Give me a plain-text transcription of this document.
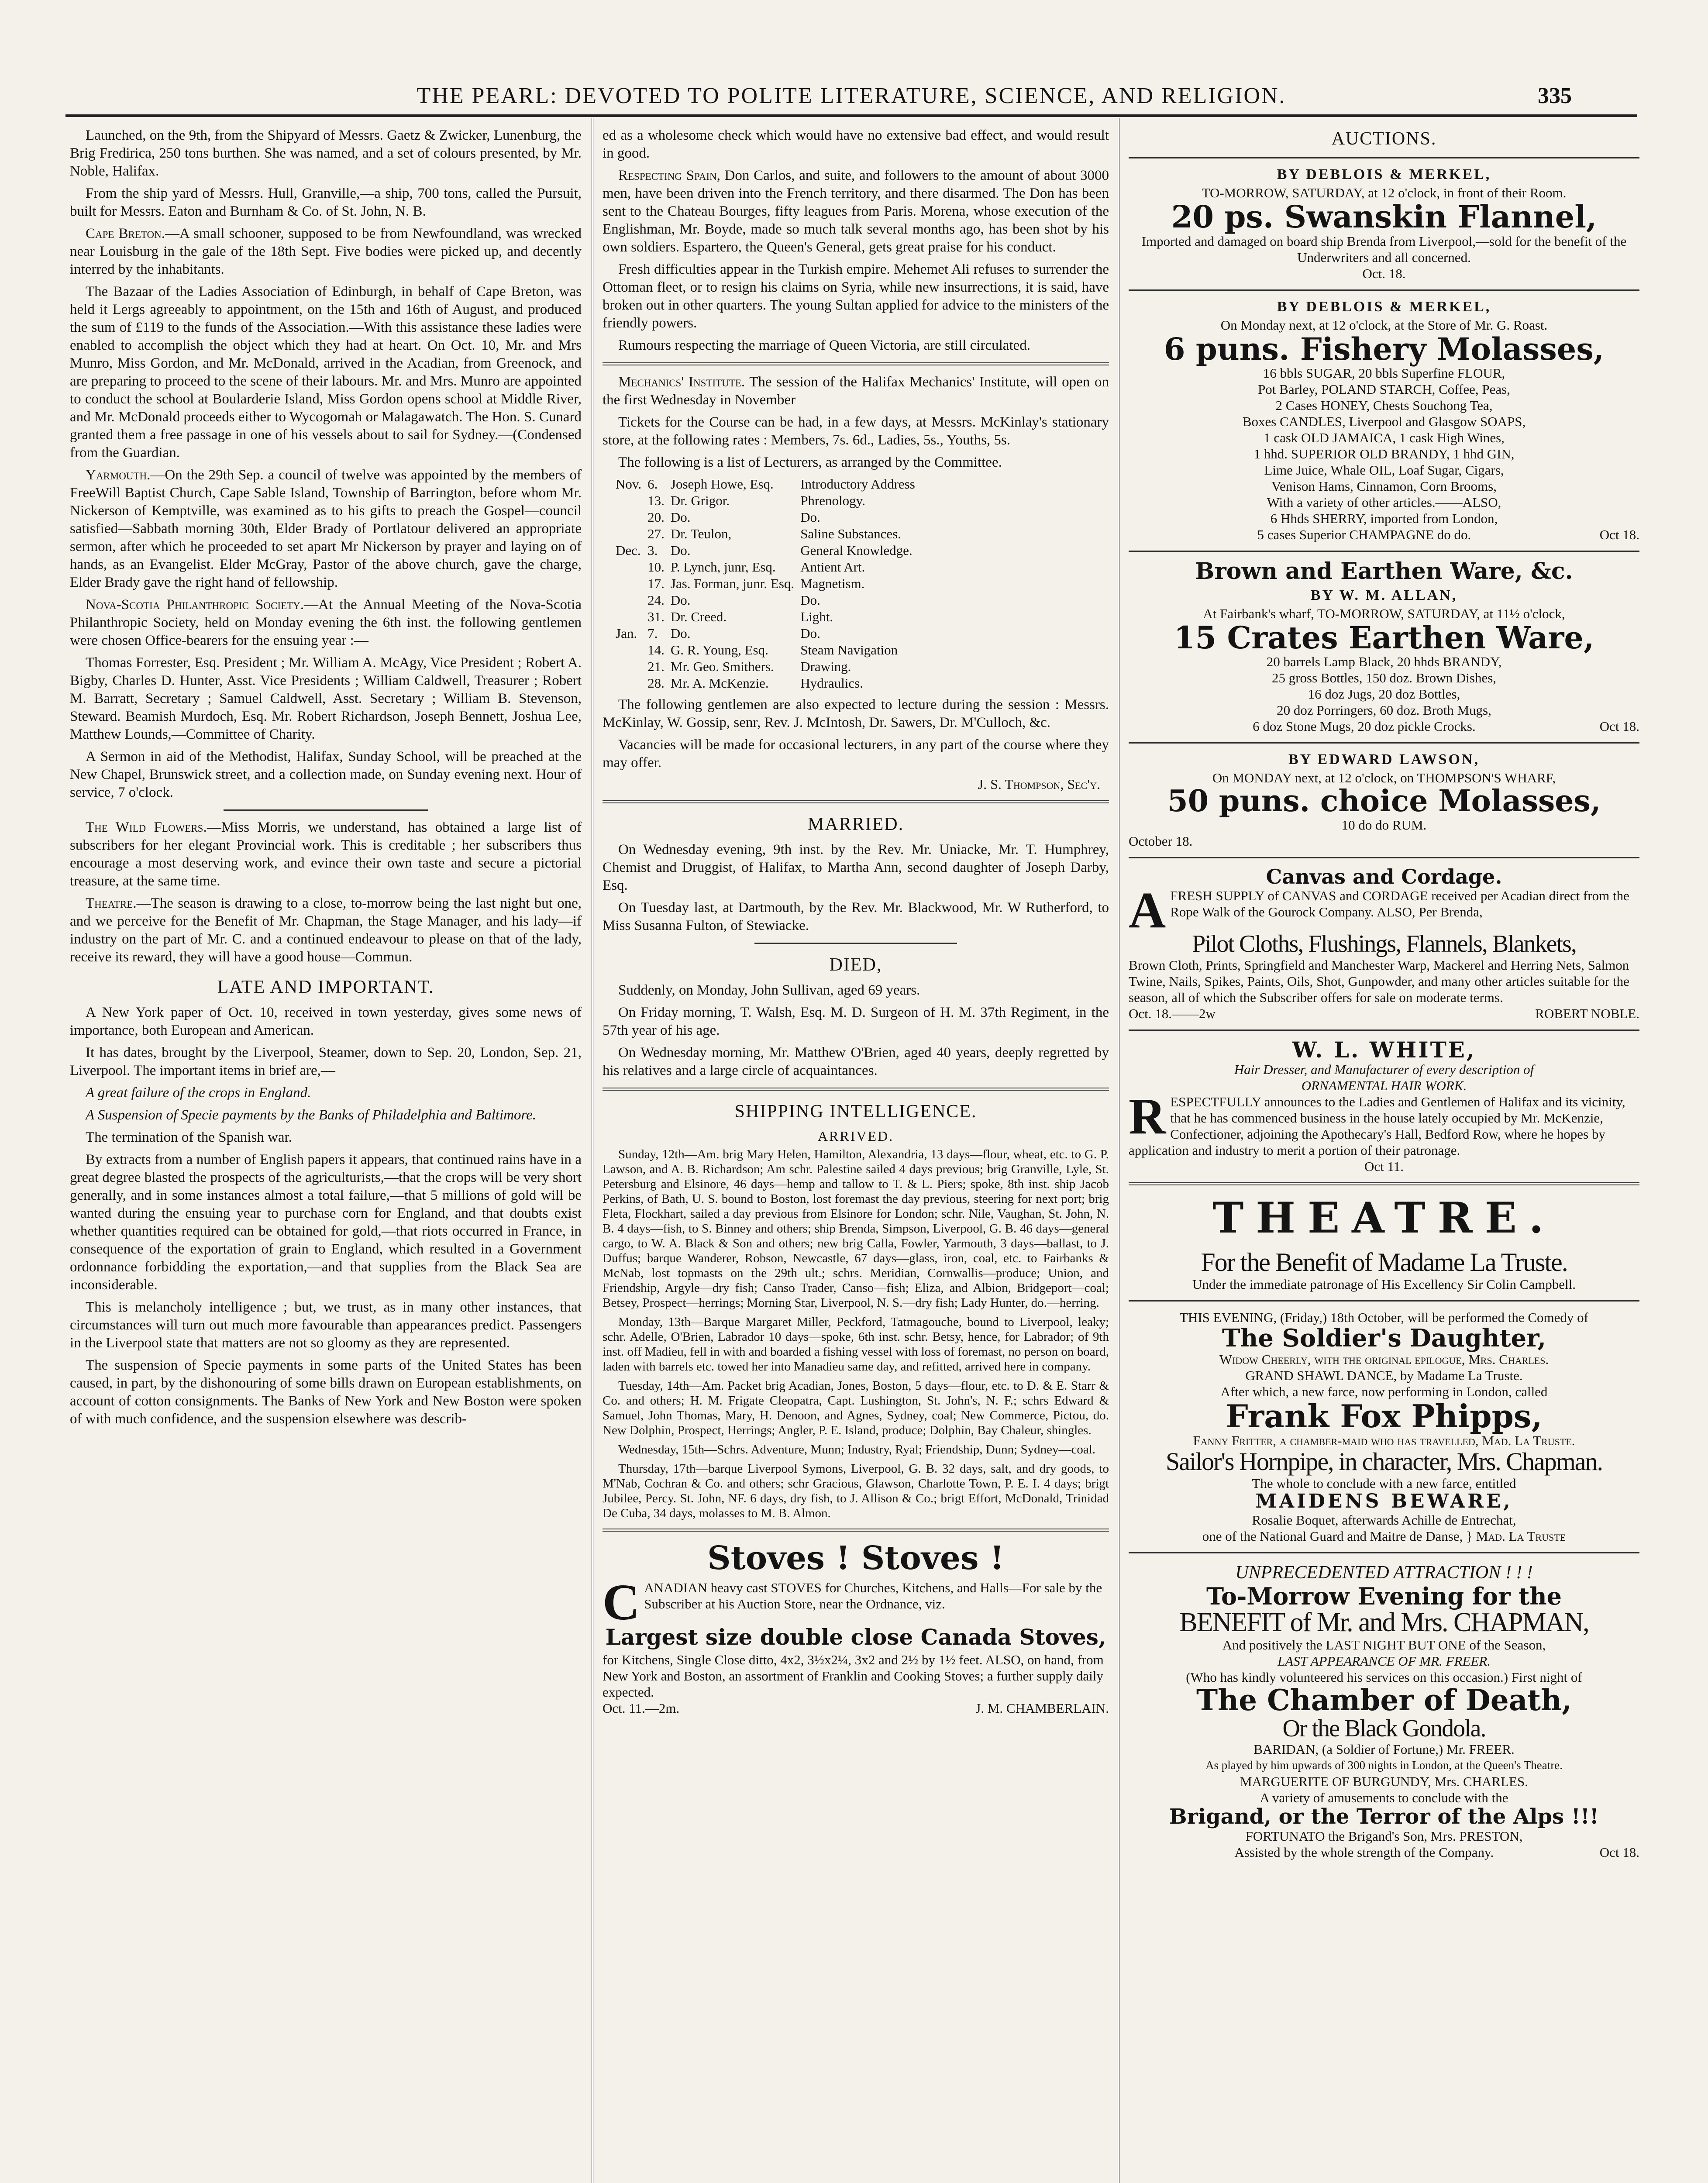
THE PEARL: DEVOTED TO POLITE LITERATURE, SCIENCE, AND RELIGION.	335

Launched, on the 9th, from the Shipyard of Messrs. Gaetz & Zwicker, Lunenburg, the Brig Fredirica, 250 tons burthen. She was named, and a set of colours presented, by Mr. Noble, Halifax.

From the ship yard of Messrs. Hull, Granville,—a ship, 700 tons, called the Pursuit, built for Messrs. Eaton and Burnham & Co. of St. John, N. B.

Cape Breton.—A small schooner, supposed to be from Newfoundland, was wrecked near Louisburg in the gale of the 18th Sept. Five bodies were picked up, and decently interred by the inhabitants.

The Bazaar of the Ladies Association of Edinburgh, in behalf of Cape Breton, was held it Lergs agreeably to appointment, on the 15th and 16th of August, and produced the sum of £119 to the funds of the Association.—With this assistance these ladies were enabled to accomplish the object which they had at heart. On Oct. 10, Mr. and Mrs Munro, Miss Gordon, and Mr. McDonald, arrived in the Acadian, from Greenock, and are preparing to proceed to the scene of their labours. Mr. and Mrs. Munro are appointed to conduct the school at Boularderie Island, Miss Gordon opens school at Middle River, and Mr. McDonald proceeds either to Wycogomah or Malagawatch. The Hon. S. Cunard granted them a free passage in one of his vessels about to sail for Sydney.—(Condensed from the Guardian.

Yarmouth.—On the 29th Sep. a council of twelve was appointed by the members of FreeWill Baptist Church, Cape Sable Island, Township of Barrington, before whom Mr. Nickerson of Kemptville, was examined as to his gifts to preach the Gospel—council satisfied—Sabbath morning 30th, Elder Brady of Portlatour delivered an appropriate sermon, after which he proceeded to set apart Mr Nickerson by prayer and laying on of hands, as an Evangelist. Elder McGray, Pastor of the above church, gave the charge, Elder Brady gave the right hand of fellowship.

Nova-Scotia Philanthropic Society.—At the Annual Meeting of the Nova-Scotia Philanthropic Society, held on Monday evening the 6th inst. the following gentlemen were chosen Office-bearers for the ensuing year :—

Thomas Forrester, Esq. President ; Mr. William A. McAgy, Vice President ; Robert A. Bigby, Charles D. Hunter, Asst. Vice Presidents ; William Caldwell, Treasurer ; Robert M. Barratt, Secretary ; Samuel Caldwell, Asst. Secretary ; William B. Stevenson, Steward. Beamish Murdoch, Esq. Mr. Robert Richardson, Joseph Bennett, Joshua Lee, Matthew Lounds,—Committee of Charity.

A Sermon in aid of the Methodist, Halifax, Sunday School, will be preached at the New Chapel, Brunswick street, and a collection made, on Sunday evening next. Hour of service, 7 o'clock.

The Wild Flowers.—Miss Morris, we understand, has obtained a large list of subscribers for her elegant Provincial work. This is creditable ; her subscribers thus encourage a most deserving work, and evince their own taste and secure a pictorial treasure, at the same time.

Theatre.—The season is drawing to a close, to-morrow being the last night but one, and we perceive for the Benefit of Mr. Chapman, the Stage Manager, and his lady—if industry on the part of Mr. C. and a continued endeavour to please on that of the lady, receive its reward, they will have a good house—Commun.

LATE AND IMPORTANT.

A New York paper of Oct. 10, received in town yesterday, gives some news of importance, both European and American.

It has dates, brought by the Liverpool, Steamer, down to Sep. 20, London, Sep. 21, Liverpool. The important items in brief are,—

A great failure of the crops in England.

A Suspension of Specie payments by the Banks of Philadelphia and Baltimore.

The termination of the Spanish war.

By extracts from a number of English papers it appears, that continued rains have in a great degree blasted the prospects of the agriculturists,—that the crops will be very short generally, and in some instances almost a total failure,—that 5 millions of gold will be wanted during the ensuing year to purchase corn for England, and that doubts exist whether quantities required can be obtained for gold,—that riots occurred in France, in consequence of the exportation of grain to England, which resulted in a Government ordonnance forbidding the exportation,—and that supplies from the Black Sea are inconsiderable.

This is melancholy intelligence ; but, we trust, as in many other instances, that circumstances will turn out much more favourable than appearances predict. Passengers in the Liverpool state that matters are not so gloomy as they are represented.

The suspension of Specie payments in some parts of the United States has been caused, in part, by the dishonouring of some bills drawn on European establishments, on account of cotton consignments. The Banks of New York and New Boston were spoken of with much confidence, and the suspension elsewhere was describ-

ed as a wholesome check which would have no extensive bad effect, and would result in good.

Respecting Spain, Don Carlos, and suite, and followers to the amount of about 3000 men, have been driven into the French territory, and there disarmed. The Don has been sent to the Chateau Bourges, fifty leagues from Paris. Morena, whose execution of the Englishman, Mr. Boyde, made so much talk several months ago, has been shot by his own soldiers. Espartero, the Queen's General, gets great praise for his conduct.

Fresh difficulties appear in the Turkish empire. Mehemet Ali refuses to surrender the Ottoman fleet, or to resign his claims on Syria, while new insurrections, it is said, have broken out in other quarters. The young Sultan applied for advice to the ministers of the friendly powers.

Rumours respecting the marriage of Queen Victoria, are still circulated.

Mechanics' Institute. The session of the Halifax Mechanics' Institute, will open on the first Wednesday in November

Tickets for the Course can be had, in a few days, at Messrs. McKinlay's stationary store, at the following rates : Members, 7s. 6d., Ladies, 5s., Youths, 5s.

The following is a list of Lecturers, as arranged by the Committee.

Nov.	6.	Joseph Howe, Esq.	Introductory Address
	13.	Dr. Grigor.	Phrenology.
	20.	Do.	Do.
	27.	Dr. Teulon,	Saline Substances.
Dec.	3.	Do.	General Knowledge.
	10.	P. Lynch, junr, Esq.	Antient Art.
	17.	Jas. Forman, junr. Esq.	Magnetism.
	24.	Do.	Do.
	31.	Dr. Creed.	Light.
Jan.	7.	Do.	Do.
	14.	G. R. Young, Esq.	Steam Navigation
	21.	Mr. Geo. Smithers.	Drawing.
	28.	Mr. A. McKenzie.	Hydraulics.

The following gentlemen are also expected to lecture during the session : Messrs. McKinlay, W. Gossip, senr, Rev. J. McIntosh, Dr. Sawers, Dr. M'Culloch, &c.

Vacancies will be made for occasional lecturers, in any part of the course where they may offer.

J. S. Thompson, Sec'y.
MARRIED.

On Wednesday evening, 9th inst. by the Rev. Mr. Uniacke, Mr. T. Humphrey, Chemist and Druggist, of Halifax, to Martha Ann, second daughter of Joseph Darby, Esq.

On Tuesday last, at Dartmouth, by the Rev. Mr. Blackwood, Mr. W Rutherford, to Miss Susanna Fulton, of Stewiacke.

DIED,

Suddenly, on Monday, John Sullivan, aged 69 years.

On Friday morning, T. Walsh, Esq. M. D. Surgeon of H. M. 37th Regiment, in the 57th year of his age.

On Wednesday morning, Mr. Matthew O'Brien, aged 40 years, deeply regretted by his relatives and a large circle of acquaintances.

SHIPPING INTELLIGENCE.
ARRIVED.

Sunday, 12th—Am. brig Mary Helen, Hamilton, Alexandria, 13 days—flour, wheat, etc. to G. P. Lawson, and A. B. Richardson; Am schr. Palestine sailed 4 days previous; brig Granville, Lyle, St. Petersburg and Elsinore, 46 days—hemp and tallow to T. & L. Piers; spoke, 8th inst. ship Jacob Perkins, of Bath, U. S. bound to Boston, lost foremast the day previous, steering for next port; brig Fleta, Flockhart, sailed a day previous from Elsinore for London; schr. Nile, Vaughan, St. John, N. B. 4 days—fish, to S. Binney and others; ship Brenda, Simpson, Liverpool, G. B. 46 days—general cargo, to W. A. Black & Son and others; new brig Calla, Fowler, Yarmouth, 3 days—ballast, to J. Duffus; barque Wanderer, Robson, Newcastle, 67 days—glass, iron, coal, etc. to Fairbanks & McNab, lost topmasts on the 29th ult.; schrs. Meridian, Cornwallis—produce; Union, and Friendship, Argyle—dry fish; Canso Trader, Canso—fish; Eliza, and Albion, Bridgeport—coal; Betsey, Prospect—herrings; Morning Star, Liverpool, N. S.—dry fish; Lady Hunter, do.—herring.

Monday, 13th—Barque Margaret Miller, Peckford, Tatmagouche, bound to Liverpool, leaky; schr. Adelle, O'Brien, Labrador 10 days—spoke, 6th inst. schr. Betsy, hence, for Labrador; of 9th inst. off Madieu, fell in with and boarded a fishing vessel with loss of foremast, no person on board, laden with barrels etc. towed her into Manadieu same day, and refitted, arrived here in company.

Tuesday, 14th—Am. Packet brig Acadian, Jones, Boston, 5 days—flour, etc. to D. & E. Starr & Co. and others; H. M. Frigate Cleopatra, Capt. Lushington, St. John's, N. F.; schrs Edward & Samuel, John Thomas, Mary, H. Denoon, and Agnes, Sydney, coal; New Commerce, Pictou, do. New Dolphin, Prospect, Herrings; Angler, P. E. Island, produce; Dolphin, Bay Chaleur, shingles.

Wednesday, 15th—Schrs. Adventure, Munn; Industry, Ryal; Friendship, Dunn; Sydney—coal.

Thursday, 17th—barque Liverpool Symons, Liverpool, G. B. 32 days, salt, and dry goods, to M'Nab, Cochran & Co. and others; schr Gracious, Glawson, Charlotte Town, P. E. I. 4 days; brigt Jubilee, Percy. St. John, NF. 6 days, dry fish, to J. Allison & Co.; brigt Effort, McDonald, Trinidad De Cuba, 34 days, molasses to M. B. Almon.

Stoves ! Stoves !

CANADIAN heavy cast STOVES for Churches, Kitchens, and Halls—For sale by the Subscriber at his Auction Store, near the Ordnance, viz.

Largest size double close Canada Stoves,

for Kitchens, Single Close ditto, 4x2, 3½x2¼, 3x2 and 2½ by 1½ feet. ALSO, on hand, from New York and Boston, an assortment of Franklin and Cooking Stoves; a further supply daily expected.

Oct. 11.—2m.	J. M. CHAMBERLAIN.

AUCTIONS.
BY DEBLOIS & MERKEL,

TO-MORROW, SATURDAY, at 12 o'clock, in front of their Room.

20 ps. Swanskin Flannel,

Imported and damaged on board ship Brenda from Liverpool,—sold for the benefit of the Underwriters and all concerned.

Oct. 18.

BY DEBLOIS & MERKEL,

On Monday next, at 12 o'clock, at the Store of Mr. G. Roast.

6 puns. Fishery Molasses,

16 bbls SUGAR, 20 bbls Superfine FLOUR,

Pot Barley, POLAND STARCH, Coffee, Peas,

2 Cases HONEY, Chests Souchong Tea,

Boxes CANDLES, Liverpool and Glasgow SOAPS,

1 cask OLD JAMAICA, 1 cask High Wines,

1 hhd. SUPERIOR OLD BRANDY, 1 hhd GIN,

Lime Juice, Whale OIL, Loaf Sugar, Cigars,

Venison Hams, Cinnamon, Corn Brooms,

With a variety of other articles.——ALSO,

6 Hhds SHERRY, imported from London,

5 cases Superior CHAMPAGNE do do.	Oct 18.

Brown and Earthen Ware, &c.
BY W. M. ALLAN,

At Fairbank's wharf, TO-MORROW, SATURDAY, at 11½ o'clock,

15 Crates Earthen Ware,

20 barrels Lamp Black, 20 hhds BRANDY,

25 gross Bottles, 150 doz. Brown Dishes,

16 doz Jugs, 20 doz Bottles,

20 doz Porringers, 60 doz. Broth Mugs,

6 doz Stone Mugs, 20 doz pickle Crocks.	Oct 18.

BY EDWARD LAWSON,

On MONDAY next, at 12 o'clock, on THOMPSON'S WHARF,

50 puns. choice Molasses,

10 do do RUM.

October 18.

Canvas and Cordage.

AFRESH SUPPLY of CANVAS and CORDAGE received per Acadian direct from the Rope Walk of the Gourock Company. ALSO, Per Brenda,

Pilot Cloths, Flushings, Flannels, Blankets,

Brown Cloth, Prints, Springfield and Manchester Warp, Mackerel and Herring Nets, Salmon Twine, Nails, Spikes, Paints, Oils, Shot, Gunpowder, and many other articles suitable for the season, all of which the Subscriber offers for sale on moderate terms.

Oct. 18.——2w	ROBERT NOBLE.

W. L. WHITE,

Hair Dresser, and Manufacturer of every description of

ORNAMENTAL HAIR WORK.

RESPECTFULLY announces to the Ladies and Gentlemen of Halifax and its vicinity, that he has commenced business in the house lately occupied by Mr. McKenzie, Confectioner, adjoining the Apothecary's Hall, Bedford Row, where he hopes by application and industry to merit a portion of their patronage.

Oct 11.

THEATRE.
For the Benefit of Madame La Truste.

Under the immediate patronage of His Excellency Sir Colin Campbell.

THIS EVENING, (Friday,) 18th October, will be performed the Comedy of

The Soldier's Daughter,

Widow Cheerly, with the original epilogue, Mrs. Charles.

GRAND SHAWL DANCE, by Madame La Truste.

After which, a new farce, now performing in London, called

Frank Fox Phipps,

Fanny Fritter, a chamber-maid who has travelled, Mad. La Truste.

Sailor's Hornpipe, in character, Mrs. Chapman.

The whole to conclude with a new farce, entitled

MAIDENS BEWARE,

Rosalie Boquet, afterwards Achille de Entrechat,

one of the National Guard and Maitre de Danse, } Mad. La Truste

UNPRECEDENTED ATTRACTION ! ! !

To-Morrow Evening for the
BENEFIT of Mr. and Mrs. CHAPMAN,

And positively the LAST NIGHT BUT ONE of the Season,

LAST APPEARANCE OF MR. FREER.

(Who has kindly volunteered his services on this occasion.) First night of

The Chamber of Death,
Or the Black Gondola.

BARIDAN, (a Soldier of Fortune,) Mr. FREER.

As played by him upwards of 300 nights in London, at the Queen's Theatre.

MARGUERITE OF BURGUNDY, Mrs. CHARLES.

A variety of amusements to conclude with the

Brigand, or the Terror of the Alps !!!

FORTUNATO the Brigand's Son, Mrs. PRESTON,

Assisted by the whole strength of the Company.	Oct 18.
